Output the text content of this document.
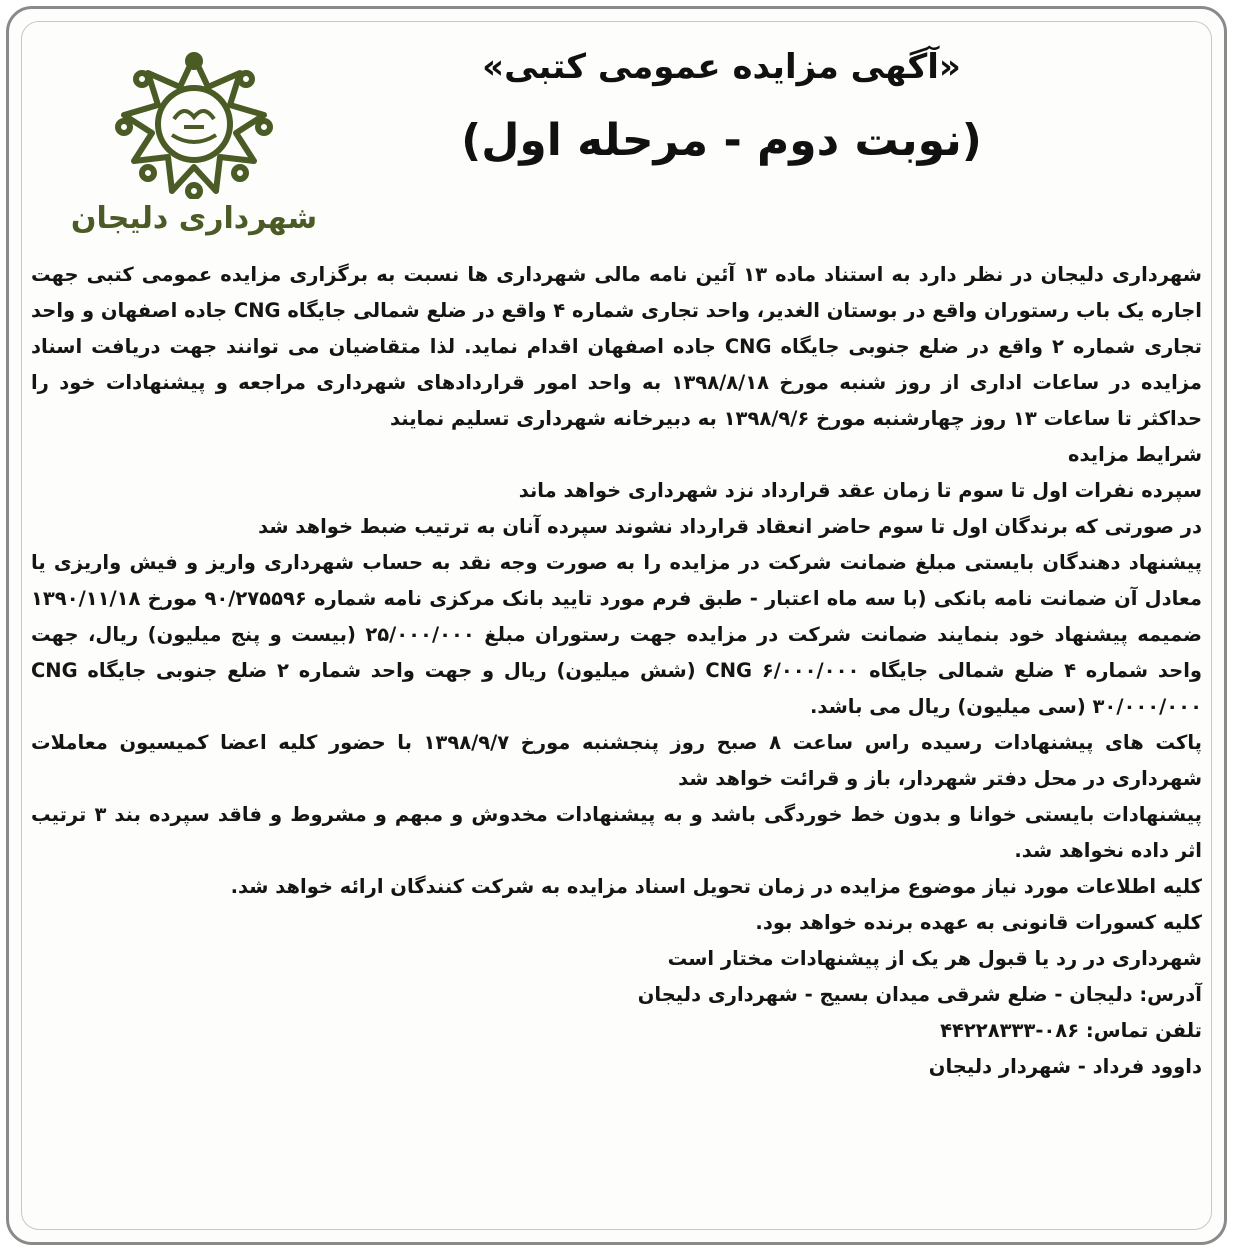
شهرداری دلیجان
«آگهی مزایده عمومی کتبی»
(نوبت دوم - مرحله اول)

شهرداری دلیجان در نظر دارد به استناد ماده ۱۳ آئین نامه مالی شهرداری ها نسبت به برگزاری مزایده عمومی کتبی جهت اجاره یک باب رستوران واقع در بوستان الغدیر، واحد تجاری شماره ۴ واقع در ضلع شمالی جایگاه CNG جاده اصفهان و واحد تجاری شماره ۲ واقع در ضلع جنوبی جایگاه CNG جاده اصفهان اقدام نماید. لذا متقاضیان می توانند جهت دریافت اسناد مزایده در ساعات اداری از روز شنبه مورخ ۱۳۹۸/۸/۱۸ به واحد امور قراردادهای شهرداری مراجعه و پیشنهادات خود را حداکثر تا ساعات ۱۳ روز چهارشنبه مورخ ۱۳۹۸/۹/۶ به دبیرخانه شهرداری تسلیم نمایند

شرایط مزایده

سپرده نفرات اول تا سوم تا زمان عقد قرارداد نزد شهرداری خواهد ماند

در صورتی که برندگان اول تا سوم حاضر انعقاد قرارداد نشوند سپرده آنان به ترتیب ضبط خواهد شد

پیشنهاد دهندگان بایستی مبلغ ضمانت شرکت در مزایده را به صورت وجه نقد به حساب شهرداری واریز و فیش واریزی یا معادل آن ضمانت نامه بانکی (با سه ماه اعتبار - طبق فرم مورد تایید بانک مرکزی نامه شماره ۹۰/۲۷۵۵۹۶ مورخ ۱۳۹۰/۱۱/۱۸ ضمیمه پیشنهاد خود بنمایند ضمانت شرکت در مزایده جهت رستوران مبلغ ۲۵/۰۰۰/۰۰۰ (بیست و پنج میلیون) ریال، جهت واحد شماره ۴ ضلع شمالی جایگاه CNG ۶/۰۰۰/۰۰۰ (شش میلیون) ریال و جهت واحد شماره ۲ ضلع جنوبی جایگاه CNG ۳۰/۰۰۰/۰۰۰ (سی میلیون) ریال می باشد.

پاکت های پیشنهادات رسیده راس ساعت ۸ صبح روز پنجشنبه مورخ ۱۳۹۸/۹/۷ با حضور کلیه اعضا کمیسیون معاملات شهرداری در محل دفتر شهردار، باز و قرائت خواهد شد

پیشنهادات بایستی خوانا و بدون خط خوردگی باشد و به پیشنهادات مخدوش و مبهم و مشروط و فاقد سپرده بند ۳ ترتیب اثر داده نخواهد شد.

کلیه اطلاعات مورد نیاز موضوع مزایده در زمان تحویل اسناد مزایده به شرکت کنندگان ارائه خواهد شد.

کلیه کسورات قانونی به عهده برنده خواهد بود.

شهرداری در رد یا قبول هر یک از پیشنهادات مختار است

آدرس: دلیجان - ضلع شرقی میدان بسیج - شهرداری دلیجان

تلفن تماس: ۰۸۶-۴۴۲۲۸۳۳۳

داوود فرداد - شهردار دلیجان
